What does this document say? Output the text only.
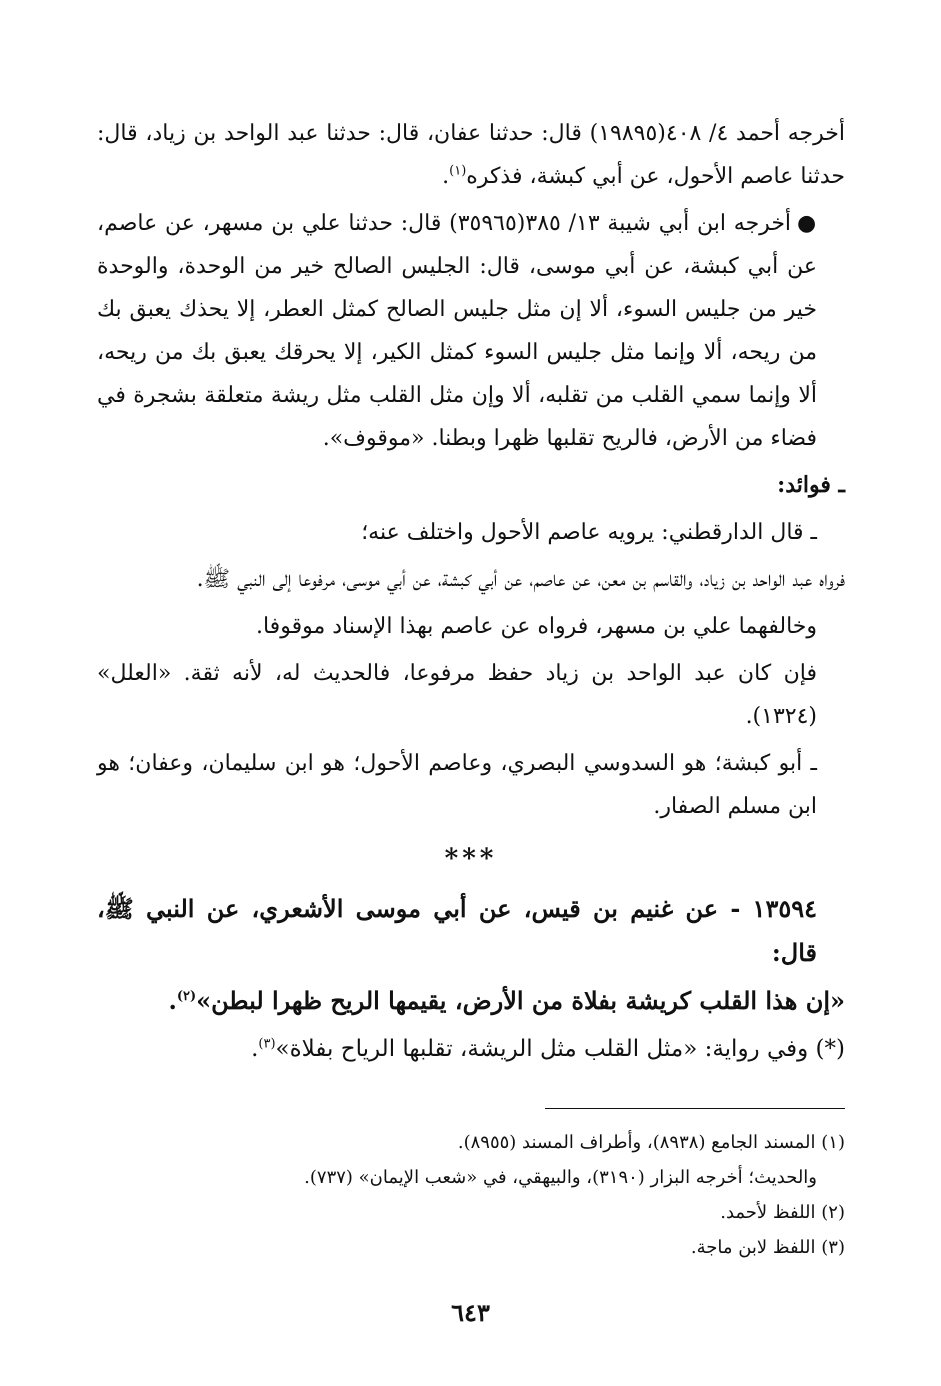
أخرجه أحمد ٤/ ٤٠٨(١٩٨٩٥) قال: حدثنا عفان، قال: حدثنا عبد الواحد بن زياد، قال: حدثنا عاصم الأحول، عن أبي كبشة، فذكره$^{(١)}$.

●أخرجه ابن أبي شيبة ١٣/ ٣٨٥(٣٥٩٦٥) قال: حدثنا علي بن مسهر، عن عاصم، عن أبي كبشة، عن أبي موسى، قال: الجليس الصالح خير من الوحدة، والوحدة خير من جليس السوء، ألا إن مثل جليس الصالح كمثل العطر، إلا يحذك يعبق بك من ريحه، ألا وإنما مثل جليس السوء كمثل الكير، إلا يحرقك يعبق بك من ريحه، ألا وإنما سمي القلب من تقلبه، ألا وإن مثل القلب مثل ريشة متعلقة بشجرة في فضاء من الأرض، فالريح تقلبها ظهرا وبطنا. «موقوف».

ـ فوائد:

ـ قال الدارقطني: يرويه عاصم الأحول واختلف عنه؛

فرواه عبد الواحد بن زياد، والقاسم بن معن، عن عاصم، عن أبي كبشة، عن أبي موسى، مرفوعا إلى النبي ﷺ.

وخالفهما علي بن مسهر، فرواه عن عاصم بهذا الإسناد موقوفا.

فإن كان عبد الواحد بن زياد حفظ مرفوعا، فالحديث له، لأنه ثقة. «العلل» (١٣٢٤).

ـ أبو كبشة؛ هو السدوسي البصري، وعاصم الأحول؛ هو ابن سليمان، وعفان؛ هو ابن مسلم الصفار.

***

١٣٥٩٤ - عن غنيم بن قيس، عن أبي موسى الأشعري، عن النبي ﷺ، قال:

«إن هذا القلب كريشة بفلاة من الأرض، يقيمها الريح ظهرا لبطن»$^{(٢)}$.

(*) وفي رواية: «مثل القلب مثل الريشة، تقلبها الرياح بفلاة»$^{(٣)}$.

(١) المسند الجامع (٨٩٣٨)، وأطراف المسند (٨٩٥٥).

والحديث؛ أخرجه البزار (٣١٩٠)، والبيهقي، في «شعب الإيمان» (٧٣٧).

(٢) اللفظ لأحمد.

(٣) اللفظ لابن ماجة.

٦٤٣
